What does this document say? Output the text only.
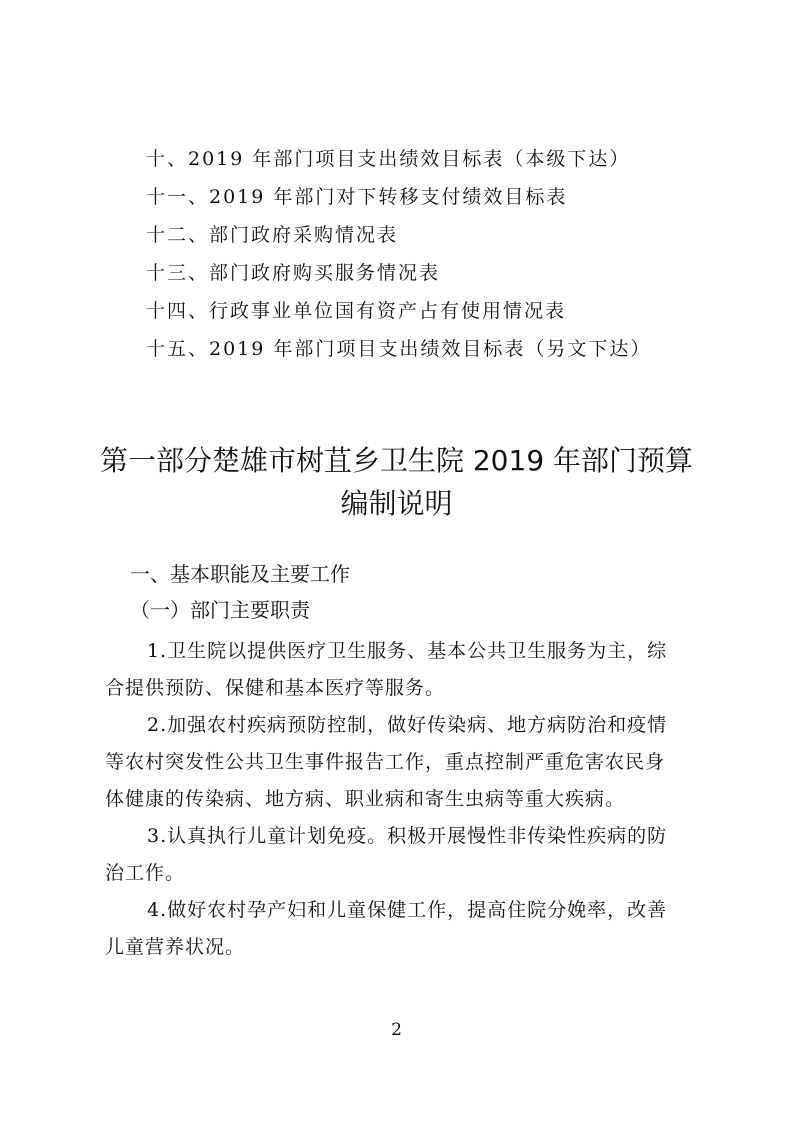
十、2019 年部门项目支出绩效目标表（本级下达）
十一、2019 年部门对下转移支付绩效目标表
十二、部门政府采购情况表
十三、部门政府购买服务情况表
十四、行政事业单位国有资产占有使用情况表
十五、2019 年部门项目支出绩效目标表（另文下达）
第一部分楚雄市树苴乡卫生院 2019 年部门预算
编制说明
一、基本职能及主要工作
（一）部门主要职责
1.卫生院以提供医疗卫生服务、基本公共卫生服务为主，综
合提供预防、保健和基本医疗等服务。
2.加强农村疾病预防控制，做好传染病、地方病防治和疫情
等农村突发性公共卫生事件报告工作，重点控制严重危害农民身
体健康的传染病、地方病、职业病和寄生虫病等重大疾病。
3.认真执行儿童计划免疫。积极开展慢性非传染性疾病的防
治工作。
4.做好农村孕产妇和儿童保健工作，提高住院分娩率，改善
儿童营养状况。
2
